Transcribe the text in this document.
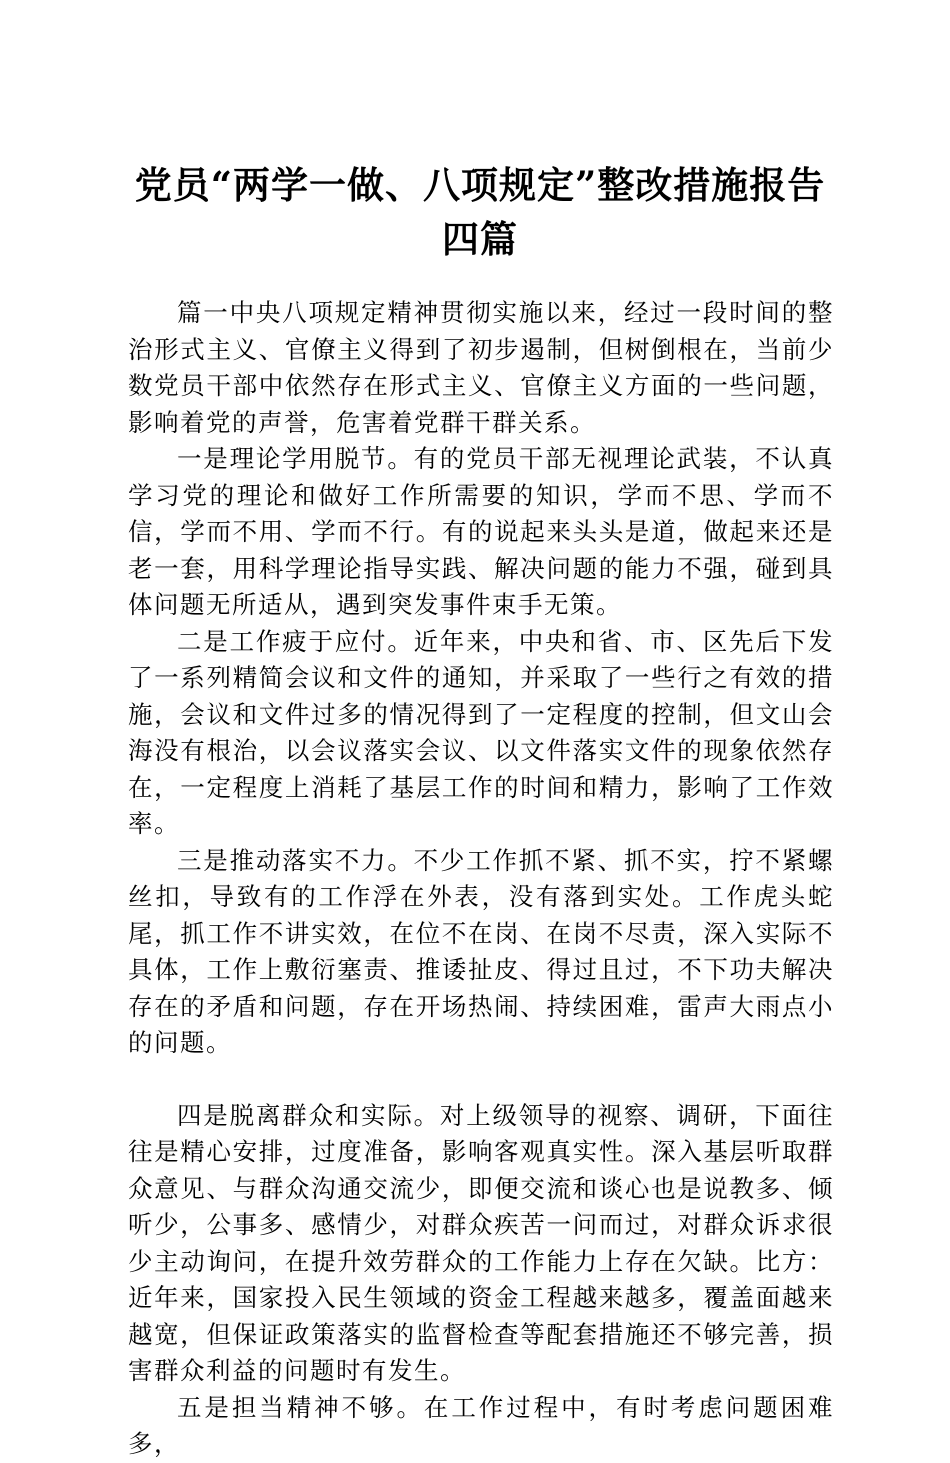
党员“两学一做、八项规定”整改措施报告四篇

篇一中央八项规定精神贯彻实施以来，经过一段时间的整治形式主义、官僚主义得到了初步遏制，但树倒根在，当前少数党员干部中依然存在形式主义、官僚主义方面的一些问题，影响着党的声誉，危害着党群干群关系。

一是理论学用脱节。有的党员干部无视理论武装，不认真学习党的理论和做好工作所需要的知识，学而不思、学而不信，学而不用、学而不行。有的说起来头头是道，做起来还是老一套，用科学理论指导实践、解决问题的能力不强，碰到具体问题无所适从，遇到突发事件束手无策。

二是工作疲于应付。近年来，中央和省、市、区先后下发了一系列精简会议和文件的通知，并采取了一些行之有效的措施，会议和文件过多的情况得到了一定程度的控制，但文山会海没有根治，以会议落实会议、以文件落实文件的现象依然存在，一定程度上消耗了基层工作的时间和精力，影响了工作效率。

三是推动落实不力。不少工作抓不紧、抓不实，拧不紧螺丝扣，导致有的工作浮在外表，没有落到实处。工作虎头蛇尾，抓工作不讲实效，在位不在岗、在岗不尽责，深入实际不具体，工作上敷衍塞责、推诿扯皮、得过且过，不下功夫解决存在的矛盾和问题，存在开场热闹、持续困难，雷声大雨点小的问题。

四是脱离群众和实际。对上级领导的视察、调研，下面往往是精心安排，过度准备，影响客观真实性。深入基层听取群众意见、与群众沟通交流少，即便交流和谈心也是说教多、倾听少，公事多、感情少，对群众疾苦一问而过，对群众诉求很少主动询问，在提升效劳群众的工作能力上存在欠缺。比方：近年来，国家投入民生领域的资金工程越来越多，覆盖面越来越宽，但保证政策落实的监督检查等配套措施还不够完善，损害群众利益的问题时有发生。

五是担当精神不够。在工作过程中，有时考虑问题困难多，
